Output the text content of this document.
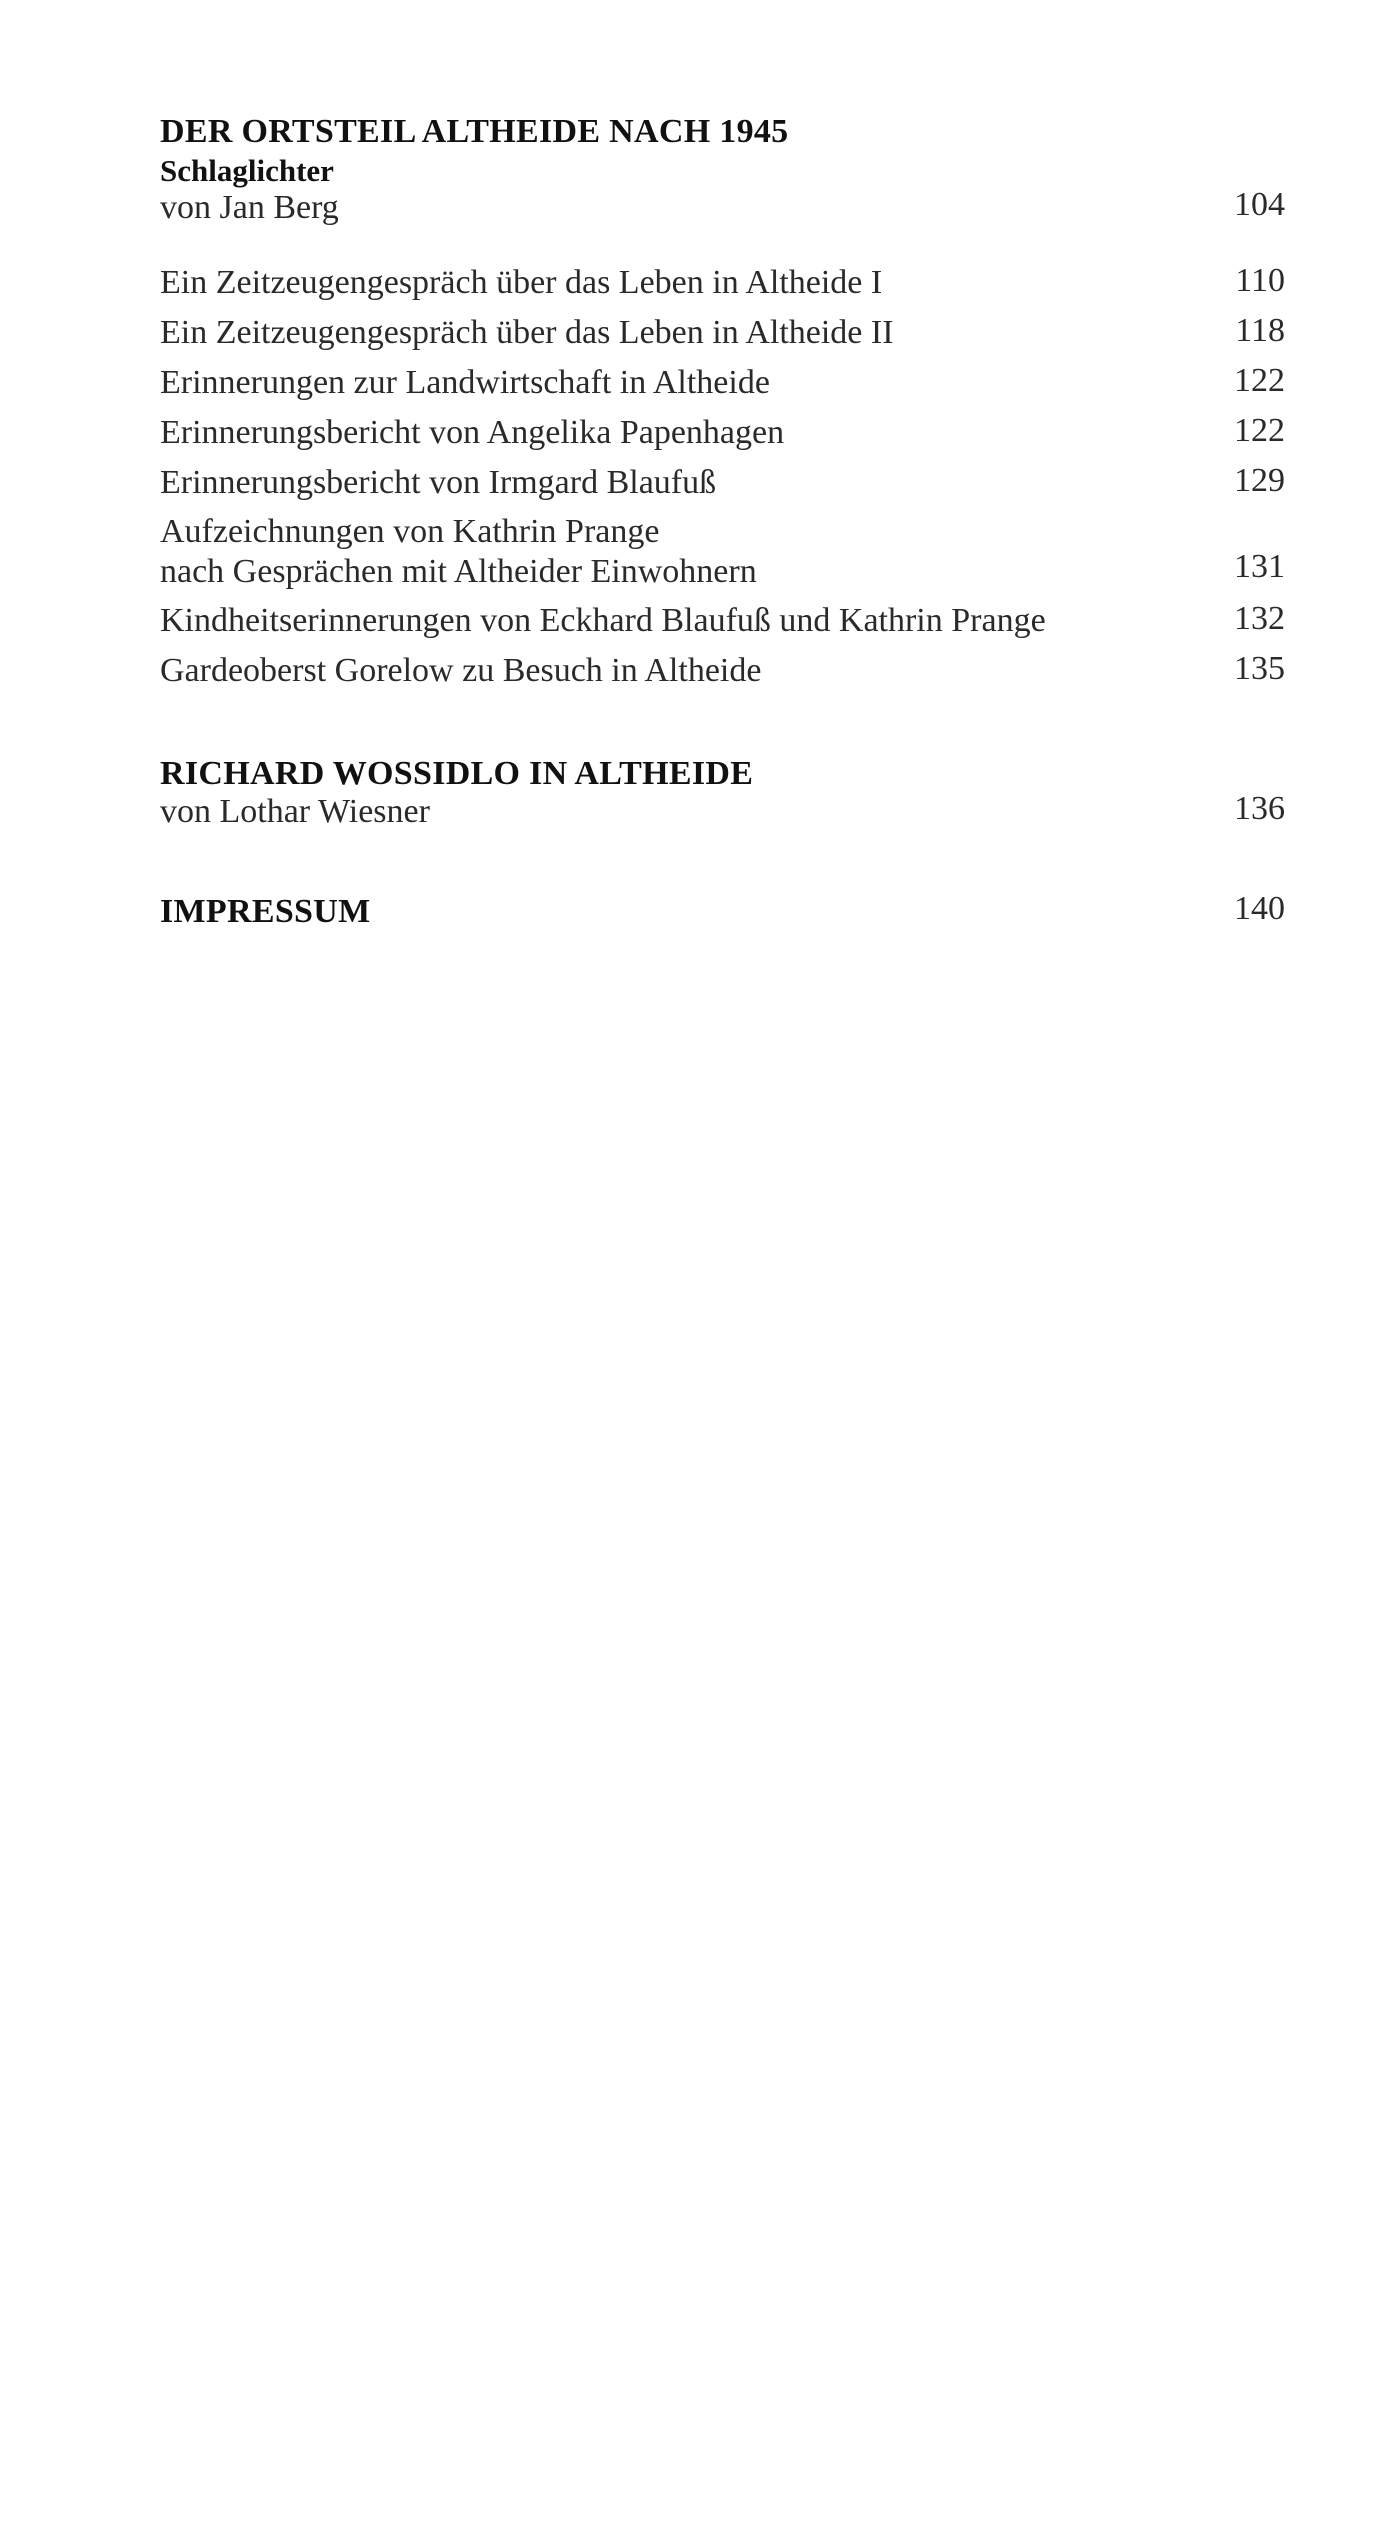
DER ORTSTEIL ALTHEIDE NACH 1945
Schlaglichter
von Jan Berg	104
Ein Zeitzeugengespräch über das Leben in Altheide I	110
Ein Zeitzeugengespräch über das Leben in Altheide II	118
Erinnerungen zur Landwirtschaft in Altheide	122
Erinnerungsbericht von Angelika Papenhagen	122
Erinnerungsbericht von Irmgard Blaufuß	129
Aufzeichnungen von Kathrin Prange
nach Gesprächen mit Altheider Einwohnern	131
Kindheitserinnerungen von Eckhard Blaufuß und Kathrin Prange	132
Gardeoberst Gorelow zu Besuch in Altheide	135
RICHARD WOSSIDLO IN ALTHEIDE
von Lothar Wiesner	136
IMPRESSUM	140
